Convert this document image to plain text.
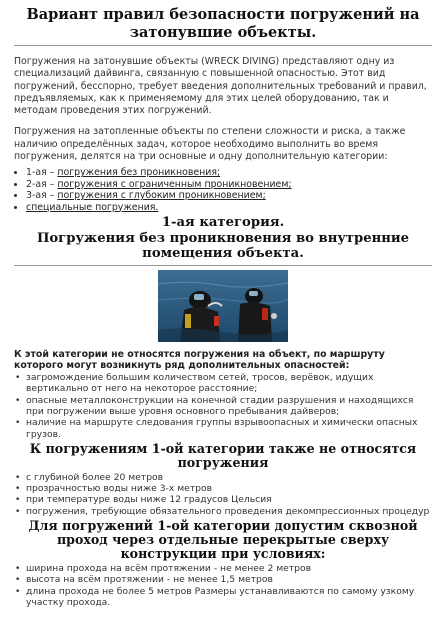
Вариант правил безопасности погружений на затонувшие объекты.

Погружения на затонувшие объекты (WRECK DIVING) представляют одну из специализаций дайвинга, связанную с повышенной опасностью. Этот вид погружений, бесспорно, требует введения дополнительных требований и правил, предъявляемых, как к применяемому для этих целей оборудованию, так и методам проведения этих погружений.

Погружения на затопленные объекты по степени сложности и риска, а также наличию определённых задач, которое необходимо выполнить во время погружения, делятся на три основные и одну дополнительную категории:

• 1-ая – погружения без проникновения;
• 2-ая – погружения с ограниченным проникновением;
• 3-ая – погружения с глубоким проникновением;
• специальные погружения.
1-ая категория.
Погружения без проникновения во внутренние помещения объекта.

К этой категории не относятся погружения на объект, по маршруту которого могут возникнуть ряд дополнительных опасностей:

• загромождение большим количеством сетей, тросов, верёвок, идущих вертикально от него на некоторое расстояние;
• опасные металлоконструкции на конечной стадии разрушения и находящихся при погружении выше уровня основного пребывания дайверов;
• наличие на маршруте следования группы взрывоопасных и химически опасных грузов.
К погружениям 1-ой категории также не относятся погружения
• с глубиной более 20 метров
• прозрачностью воды ниже 3-х метров
• при температуре воды ниже 12 градусов Цельсия
• погружения, требующие обязательного проведения декомпрессионных процедур
Для погружений 1-ой категории допустим сквозной проход через отдельные перекрытые сверху конструкции при условиях:
• ширина прохода на всём протяжении - не менее 2 метров
• высота на всём протяжении - не менее 1,5 метров
• длина прохода не более 5 метров Размеры устанавливаются по самому узкому участку прохода.
